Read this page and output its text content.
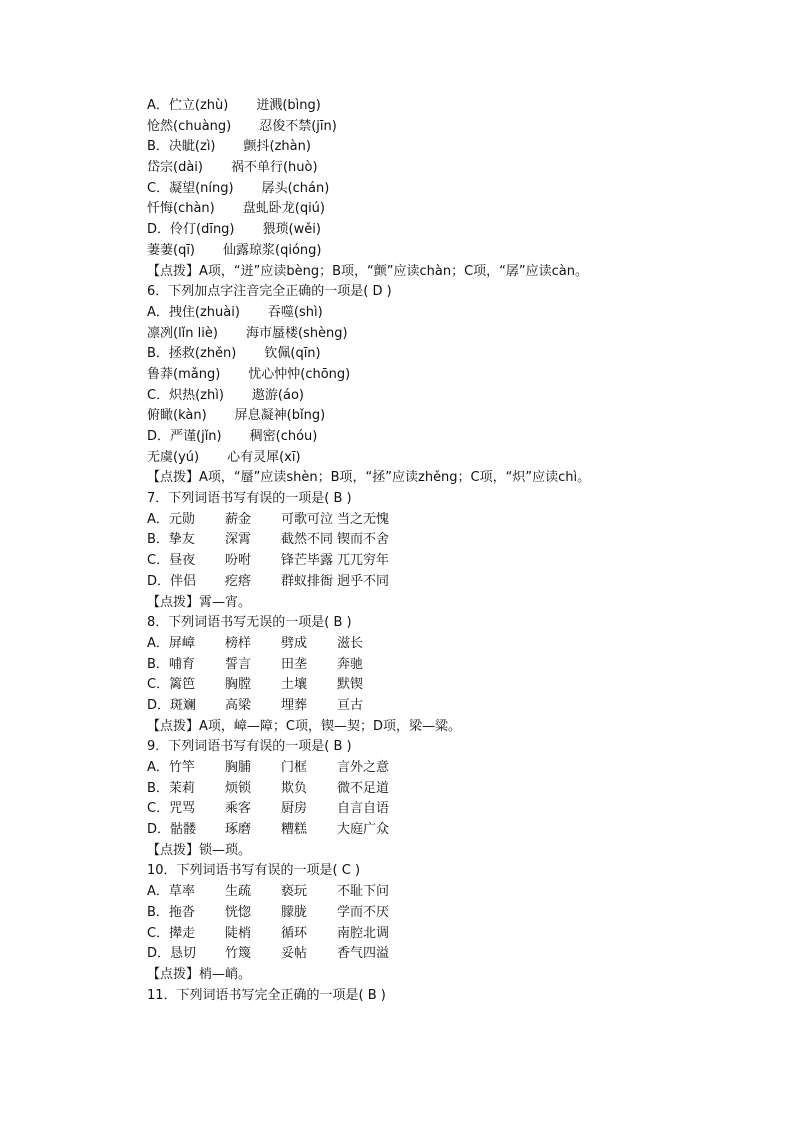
A．伫立(zhù) 迸溅(bìng)
怆然(chuàng) 忍俊不禁(jīn)
B．决眦(zì) 颤抖(zhàn)
岱宗(dài) 祸不单行(huò)
C．凝望(níng) 孱头(chán)
忏悔(chàn) 盘虬卧龙(qiú)
D．伶仃(dīng) 猥琐(wěi)
萋萋(qī) 仙露琼浆(qióng)
【点拨】A项，“迸”应读bèng；B项，“颤”应读chàn；C项，“孱”应读càn。
6．下列加点字注音完全正确的一项是( D )
A．拽住(zhuài) 吞噬(shì)
凛冽(lǐn liè) 海市蜃楼(shèng)
B．拯救(zhěn) 钦佩(qīn)
鲁莽(mǎng) 忧心忡忡(chōng)
C．炽热(zhì) 遨游(áo)
俯瞰(kàn) 屏息凝神(bǐng)
D．严谨(jǐn) 稠密(chóu)
无虞(yú) 心有灵犀(xī)
【点拨】A项，“蜃”应读shèn；B项，“拯”应读zhěng；C项，“炽”应读chì。
7．下列词语书写有误的一项是( B )
A．元勋 薪金 可歌可泣 当之无愧
B．挚友 深霄 截然不同 锲而不舍
C．昼夜 吩咐 锋芒毕露 兀兀穷年
D．伴侣 疙瘩 群蚁排衙 迥乎不同
【点拨】霄—宵。
8．下列词语书写无误的一项是( B )
A．屏嶂 榜样 劈成 滋长
B．哺育 誓言 田垄 奔驰
C．篱笆 胸膛 土壤 默锲
D．斑斓 高梁 埋葬 亘古
【点拨】A项，嶂—障；C项，锲—契；D项，梁—粱。
9．下列词语书写有误的一项是( B )
A．竹竿 胸脯 门框 言外之意
B．茉莉 烦锁 欺负 微不足道
C．咒骂 乘客 厨房 自言自语
D．骷髅 琢磨 糟糕 大庭广众
【点拨】锁—琐。
10．下列词语书写有误的一项是( C )
A．草率 生疏 亵玩 不耻下问
B．拖沓 恍惚 朦胧 学而不厌
C．撵走 陡梢 循环 南腔北调
D．恳切 竹篾 妥帖 香气四溢
【点拨】梢—峭。
11．下列词语书写完全正确的一项是( B )
